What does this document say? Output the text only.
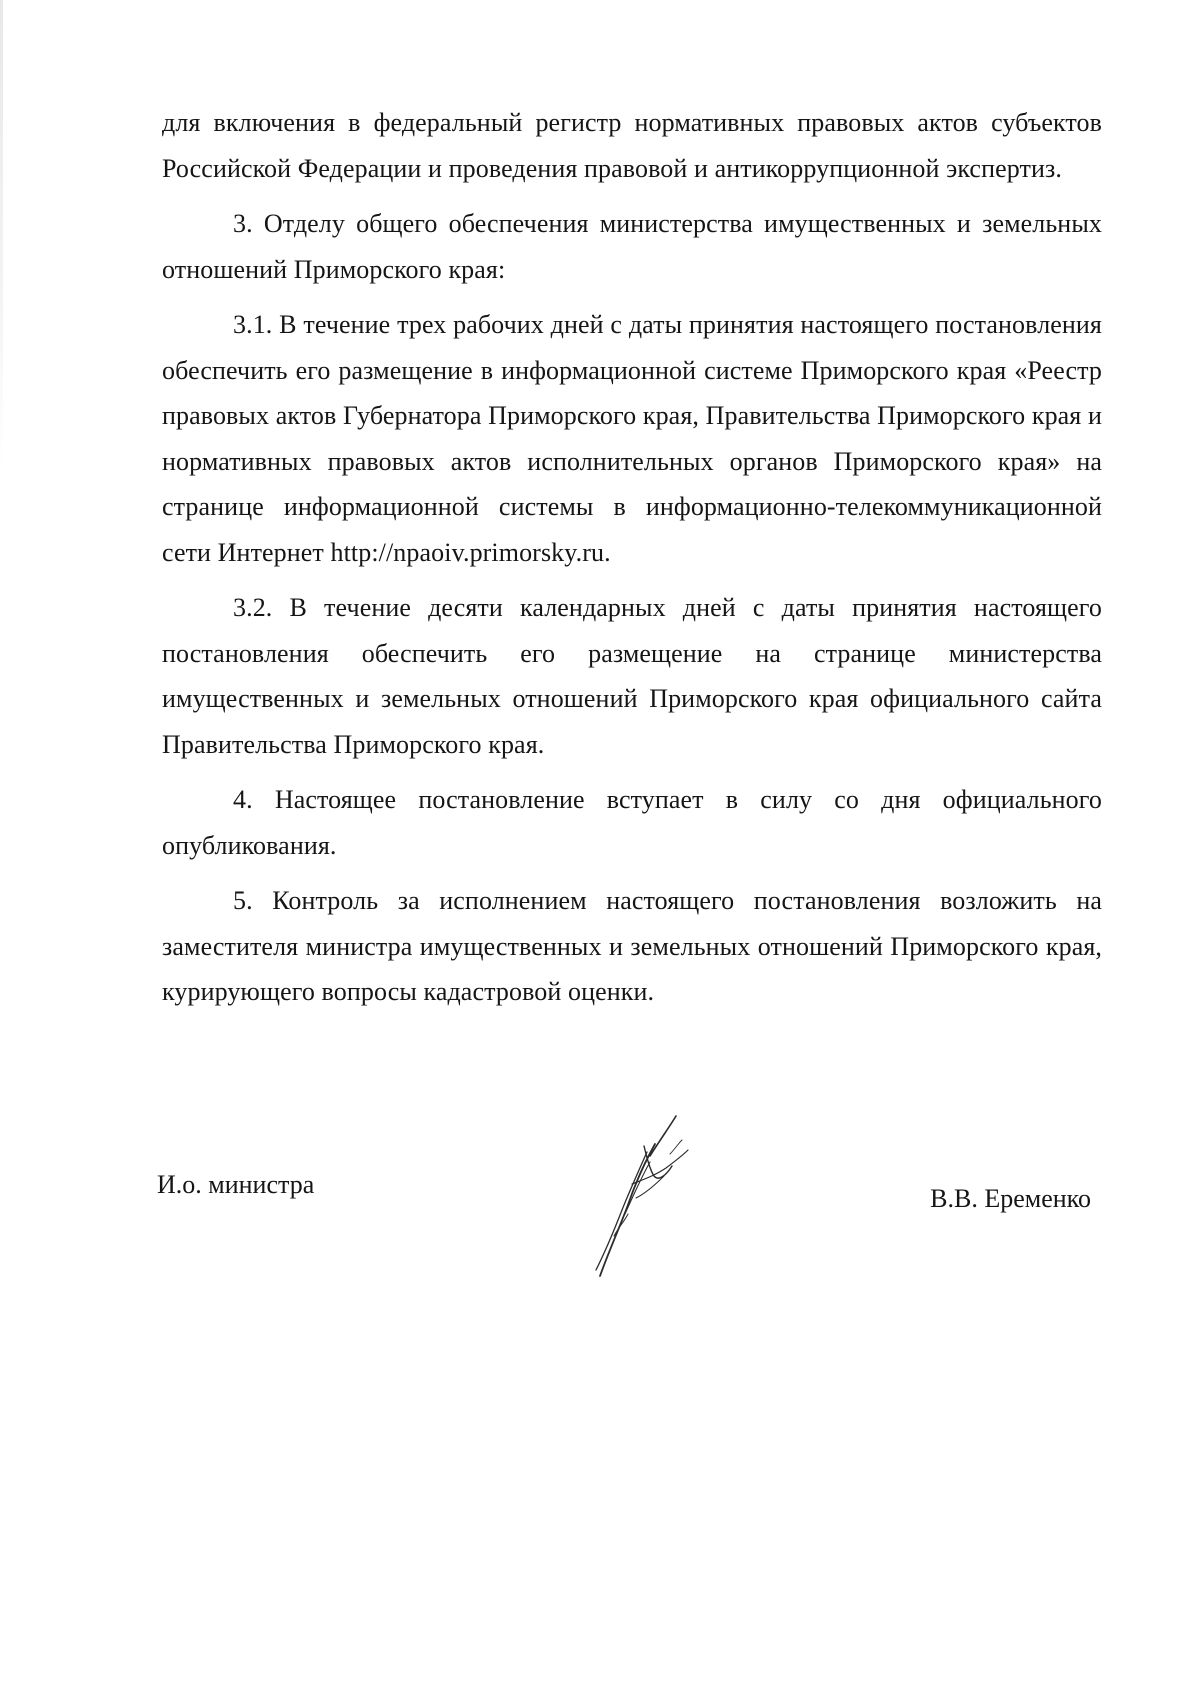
для включения в федеральный регистр нормативных правовых актов субъектов Российской Федерации и проведения правовой и антикоррупционной экспертиз.

3. Отделу общего обеспечения министерства имущественных и земельных отношений Приморского края:

3.1. В течение трех рабочих дней с даты принятия настоящего постановления обеспечить его размещение в информационной системе Приморского края «Реестр правовых актов Губернатора Приморского края, Правительства Приморского края и нормативных правовых актов исполнительных органов Приморского края» на странице информационной системы в информационно-телекоммуникационной сети Интернет http://npaoiv.primorsky.ru.

3.2. В течение десяти календарных дней с даты принятия настоящего постановления обеспечить его размещение на странице министерства имущественных и земельных отношений Приморского края официального сайта Правительства Приморского края.

4. Настоящее постановление вступает в силу со дня официального опубликования.

5. Контроль за исполнением настоящего постановления возложить на заместителя министра имущественных и земельных отношений Приморского края, курирующего вопросы кадастровой оценки.

И.о. министра	В.В. Еременко
